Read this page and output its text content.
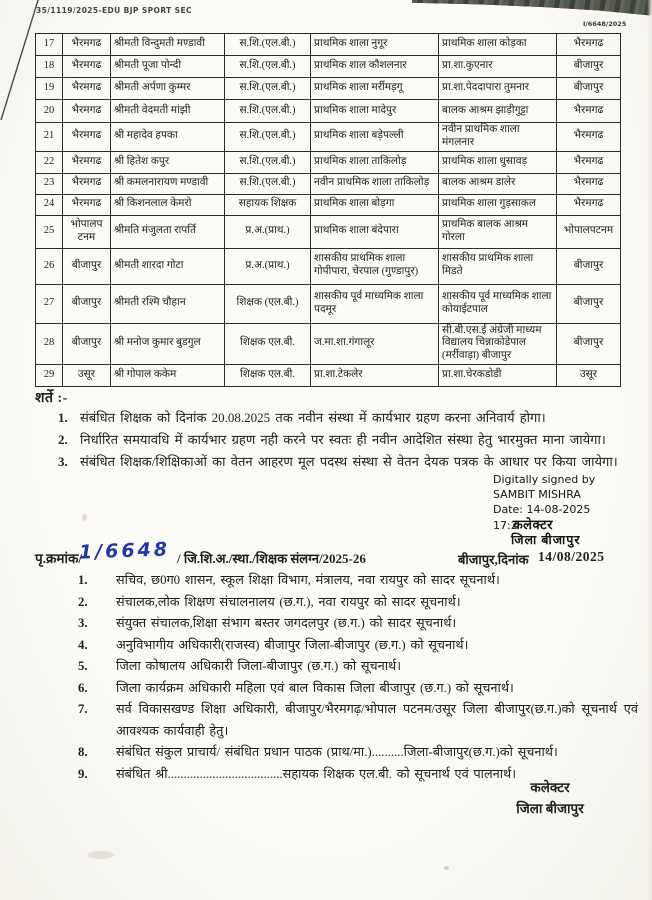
35/1119/2025-EDU BJP SPORT SEC
I/6648/2025
17	भैरमगढ	श्रीमती विन्दुमती मण्डावी	स.शि.(एल.बी.)	प्राथमिक शाला नुगूर	प्राथमिक शाला कोड़का	भैरमगढ
18	भैरमगढ	श्रीमती पूजा पोन्दी	स.शि.(एल.बी.)	प्राथमिक शाल कौशलनार	प्रा.शा.कुएनार	बीजापुर
19	भैरमगढ	श्रीमती अर्पणा कुम्मर	स.शि.(एल.बी.)	प्राथमिक शाला मर्रीमड़गू	प्रा.शा.पेददापारा तुमनार	बीजापुर
20	भैरमगढ	श्रीमती वेदमती मांझी	स.शि.(एल.बी.)	प्राथमिक शाला मादेपुर	बालक आश्रम झाड़ीगुट्टा	भैरमगढ
21	भैरमगढ	श्री महादेव हपका	स.शि.(एल.बी.)	प्राथमिक शाला बड़ेपल्ली	नवीन प्राथमिक शाला मंगलनार	भैरमगढ
22	भैरमगढ	श्री हितेश कपुर	स.शि.(एल.बी.)	प्राथमिक शाला ताकिलोड़	प्राथमिक शाला धुसावड़	भैरमगढ
23	भैरमगढ	श्री कमलनारायण मण्डावी	स.शि.(एल.बी.)	नवीन प्राथमिक शाला ताकिलोड़	बालक आश्रम डालेर	भैरमगढ
24	भैरमगढ	श्री किशनलाल केमरो	सहायक शिक्षक	प्राथमिक शाला बोड़गा	प्राथमिक शाला गुड़साकल	भैरमगढ
25	भोपालप टनम	श्रीमति मंजुलता रापर्ति	प्र.अ.(प्राथ.)	प्राथमिक शाला बंदेपारा	प्राथमिक बालक आश्रम गोरला	भोपालपटनम
26	बीजापुर	श्रीमती शारदा गोटा	प्र.अ.(प्राथ.)	शासकीय प्राथमिक शाला गोपीपारा, चेरपाल (गुण्डापुर)	शासकीय प्राथमिक शाला मिडते	बीजापुर
27	बीजापुर	श्रीमती रश्मि चौहान	शिक्षक (एल.बी.)	शासकीय पूर्व माध्यमिक शाला पदमूर	शासकीय पूर्व माध्यमिक शाला कोयाईटपाल	बीजापुर
28	बीजापुर	श्री मनोज कुमार बुडगुल	शिक्षक एल.बी.	ज.मा.शा.गंगालूर	सी.बी.एस.ई अंग्रेजी माध्यम विद्यालय चिन्नाकोडेपाल (मर्रीवाड़ा) बीजापुर	बीजापुर
29	उसूर	श्री गोपाल ककेम	शिक्षक एल.बी.	प्रा.शा.टेकलेर	प्रा.शा.चेरकडोडी	उसूर
शर्ते :-
1. संबंधित शिक्षक को दिनांक 20.08.2025 तक नवीन संस्था में कार्यभार ग्रहण करना अनिवार्य होगा।
2. निर्धारित समयावधि में कार्यभार ग्रहण नही करने पर स्वतः ही नवीन आदेशित संस्था हेतु भारमुक्त माना जायेगा।
3. संबंधित शिक्षक/शिक्षिकाओं का वेतन आहरण मूल पदस्थ संस्था से वेतन देयक पत्रक के आधार पर किया जायेगा।
Digitally signed by
SAMBIT MISHRA
Date: 14-08-2025
17:2कलेक्टर
जिला बीजापुर
पृ.क्रमांक/
1/6648 / जि.शि.अ./स्था./शिक्षक संलग्न/2025-26	बीजापुर,दिनांक 14/08/2025
1.	सचिव, छ0ग0 शासन, स्कूल शिक्षा विभाग, मंत्रालय, नवा रायपुर को सादर सूचनार्थ।
2.	संचालक,लोक शिक्षण संचालनालय (छ.ग.), नवा रायपुर को सादर सूचनार्थ।
3.	संयुक्त संचालक,शिक्षा संभाग बस्तर जगदलपुर (छ.ग.) को सादर सूचनार्थ।
4.	अनुविभागीय अधिकारी(राजस्व) बीजापुर जिला-बीजापुर (छ.ग.) को सूचनार्थ।
5.	जिला कोषालय अधिकारी जिला-बीजापुर (छ.ग.) को सूचनार्थ।
6.	जिला कार्यक्रम अधिकारी महिला एवं बाल विकास जिला बीजापुर (छ.ग.) को सूचनार्थ।
7.	सर्व विकासखण्ड शिक्षा अधिकारी, बीजापुर/भैरमगढ़/भोपाल पटनम/उसूर जिला बीजापुर(छ.ग.)को सूचनार्थ एवं आवश्यक कार्यवाही हेतु।
8.	संबंधित संकुल प्राचार्य/ संबंधित प्रधान पाठक (प्राथ/मा.)..........जिला-बीजापुर(छ.ग.)को सूचनार्थ।
9.	संबंधित श्री....................................सहायक शिक्षक एल.बी. को सूचनार्थ एवं पालनार्थ।
कलेक्टर
जिला बीजापुर
